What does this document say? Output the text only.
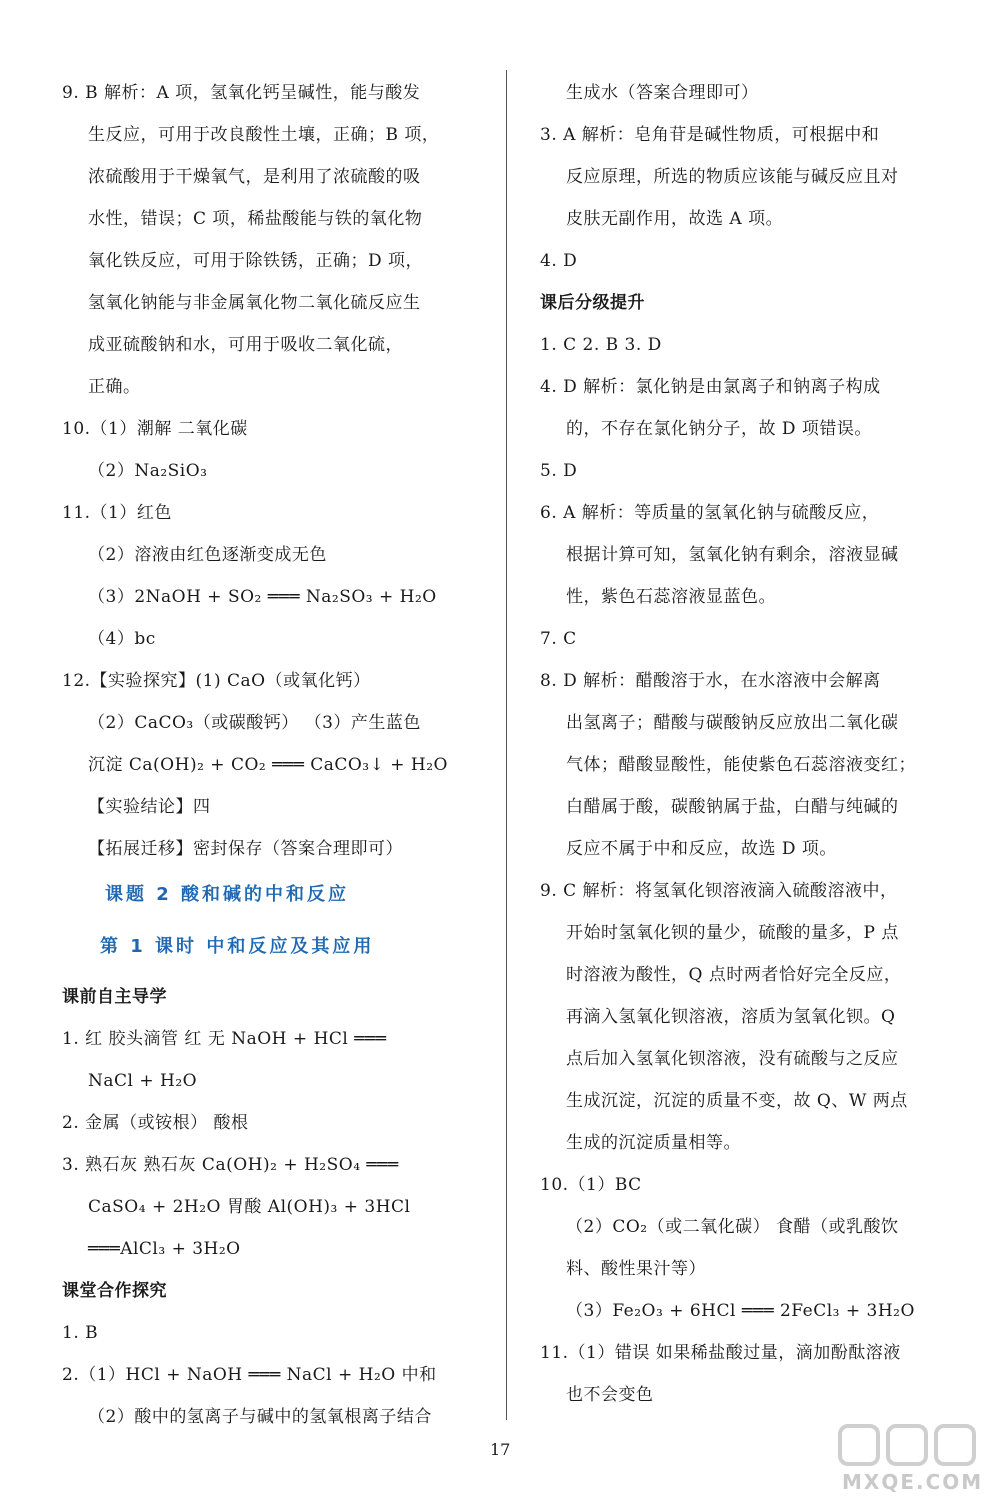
9. B 解析：A 项，氢氧化钙呈碱性，能与酸发
生反应，可用于改良酸性土壤，正确；B 项，
浓硫酸用于干燥氧气，是利用了浓硫酸的吸
水性，错误；C 项，稀盐酸能与铁的氧化物
氧化铁反应，可用于除铁锈，正确；D 项，
氢氧化钠能与非金属氧化物二氧化硫反应生
成亚硫酸钠和水，可用于吸收二氧化硫，
正确。
10.（1）潮解 二氧化碳
（2）Na₂SiO₃
11.（1）红色
（2）溶液由红色逐渐变成无色
（3）2NaOH + SO₂ ═══ Na₂SO₃ + H₂O
（4）bc
12.【实验探究】(1) CaO（或氧化钙）
（2）CaCO₃（或碳酸钙） （3）产生蓝色
沉淀 Ca(OH)₂ + CO₂ ═══ CaCO₃↓ + H₂O
【实验结论】四
【拓展迁移】密封保存（答案合理即可）
课前自主导学
1. 红 胶头滴管 红 无 NaOH + HCl ═══
NaCl + H₂O
2. 金属（或铵根） 酸根
3. 熟石灰 熟石灰 Ca(OH)₂ + H₂SO₄ ═══
CaSO₄ + 2H₂O 胃酸 Al(OH)₃ + 3HCl
═══AlCl₃ + 3H₂O
课堂合作探究
1. B
2.（1）HCl + NaOH ═══ NaCl + H₂O 中和
（2）酸中的氢离子与碱中的氢氧根离子结合
生成水（答案合理即可）
3. A 解析：皂角苷是碱性物质，可根据中和
反应原理，所选的物质应该能与碱反应且对
皮肤无副作用，故选 A 项。
4. D
课后分级提升
1. C 2. B 3. D
4. D 解析：氯化钠是由氯离子和钠离子构成
的，不存在氯化钠分子，故 D 项错误。
5. D
6. A 解析：等质量的氢氧化钠与硫酸反应，
根据计算可知，氢氧化钠有剩余，溶液显碱
性，紫色石蕊溶液显蓝色。
7. C
8. D 解析：醋酸溶于水，在水溶液中会解离
出氢离子；醋酸与碳酸钠反应放出二氧化碳
气体；醋酸显酸性，能使紫色石蕊溶液变红；
白醋属于酸，碳酸钠属于盐，白醋与纯碱的
反应不属于中和反应，故选 D 项。
9. C 解析：将氢氧化钡溶液滴入硫酸溶液中，
开始时氢氧化钡的量少，硫酸的量多，P 点
时溶液为酸性，Q 点时两者恰好完全反应，
再滴入氢氧化钡溶液，溶质为氢氧化钡。Q
点后加入氢氧化钡溶液，没有硫酸与之反应
生成沉淀，沉淀的质量不变，故 Q、W 两点
生成的沉淀质量相等。
10.（1）BC
（2）CO₂（或二氧化碳） 食醋（或乳酸饮
料、酸性果汁等）
（3）Fe₂O₃ + 6HCl ═══ 2FeCl₃ + 3H₂O
11.（1）错误 如果稀盐酸过量，滴加酚酞溶液
也不会变色
课题 2 酸和碱的中和反应
第 1 课时 中和反应及其应用
17
MXQE.COM
